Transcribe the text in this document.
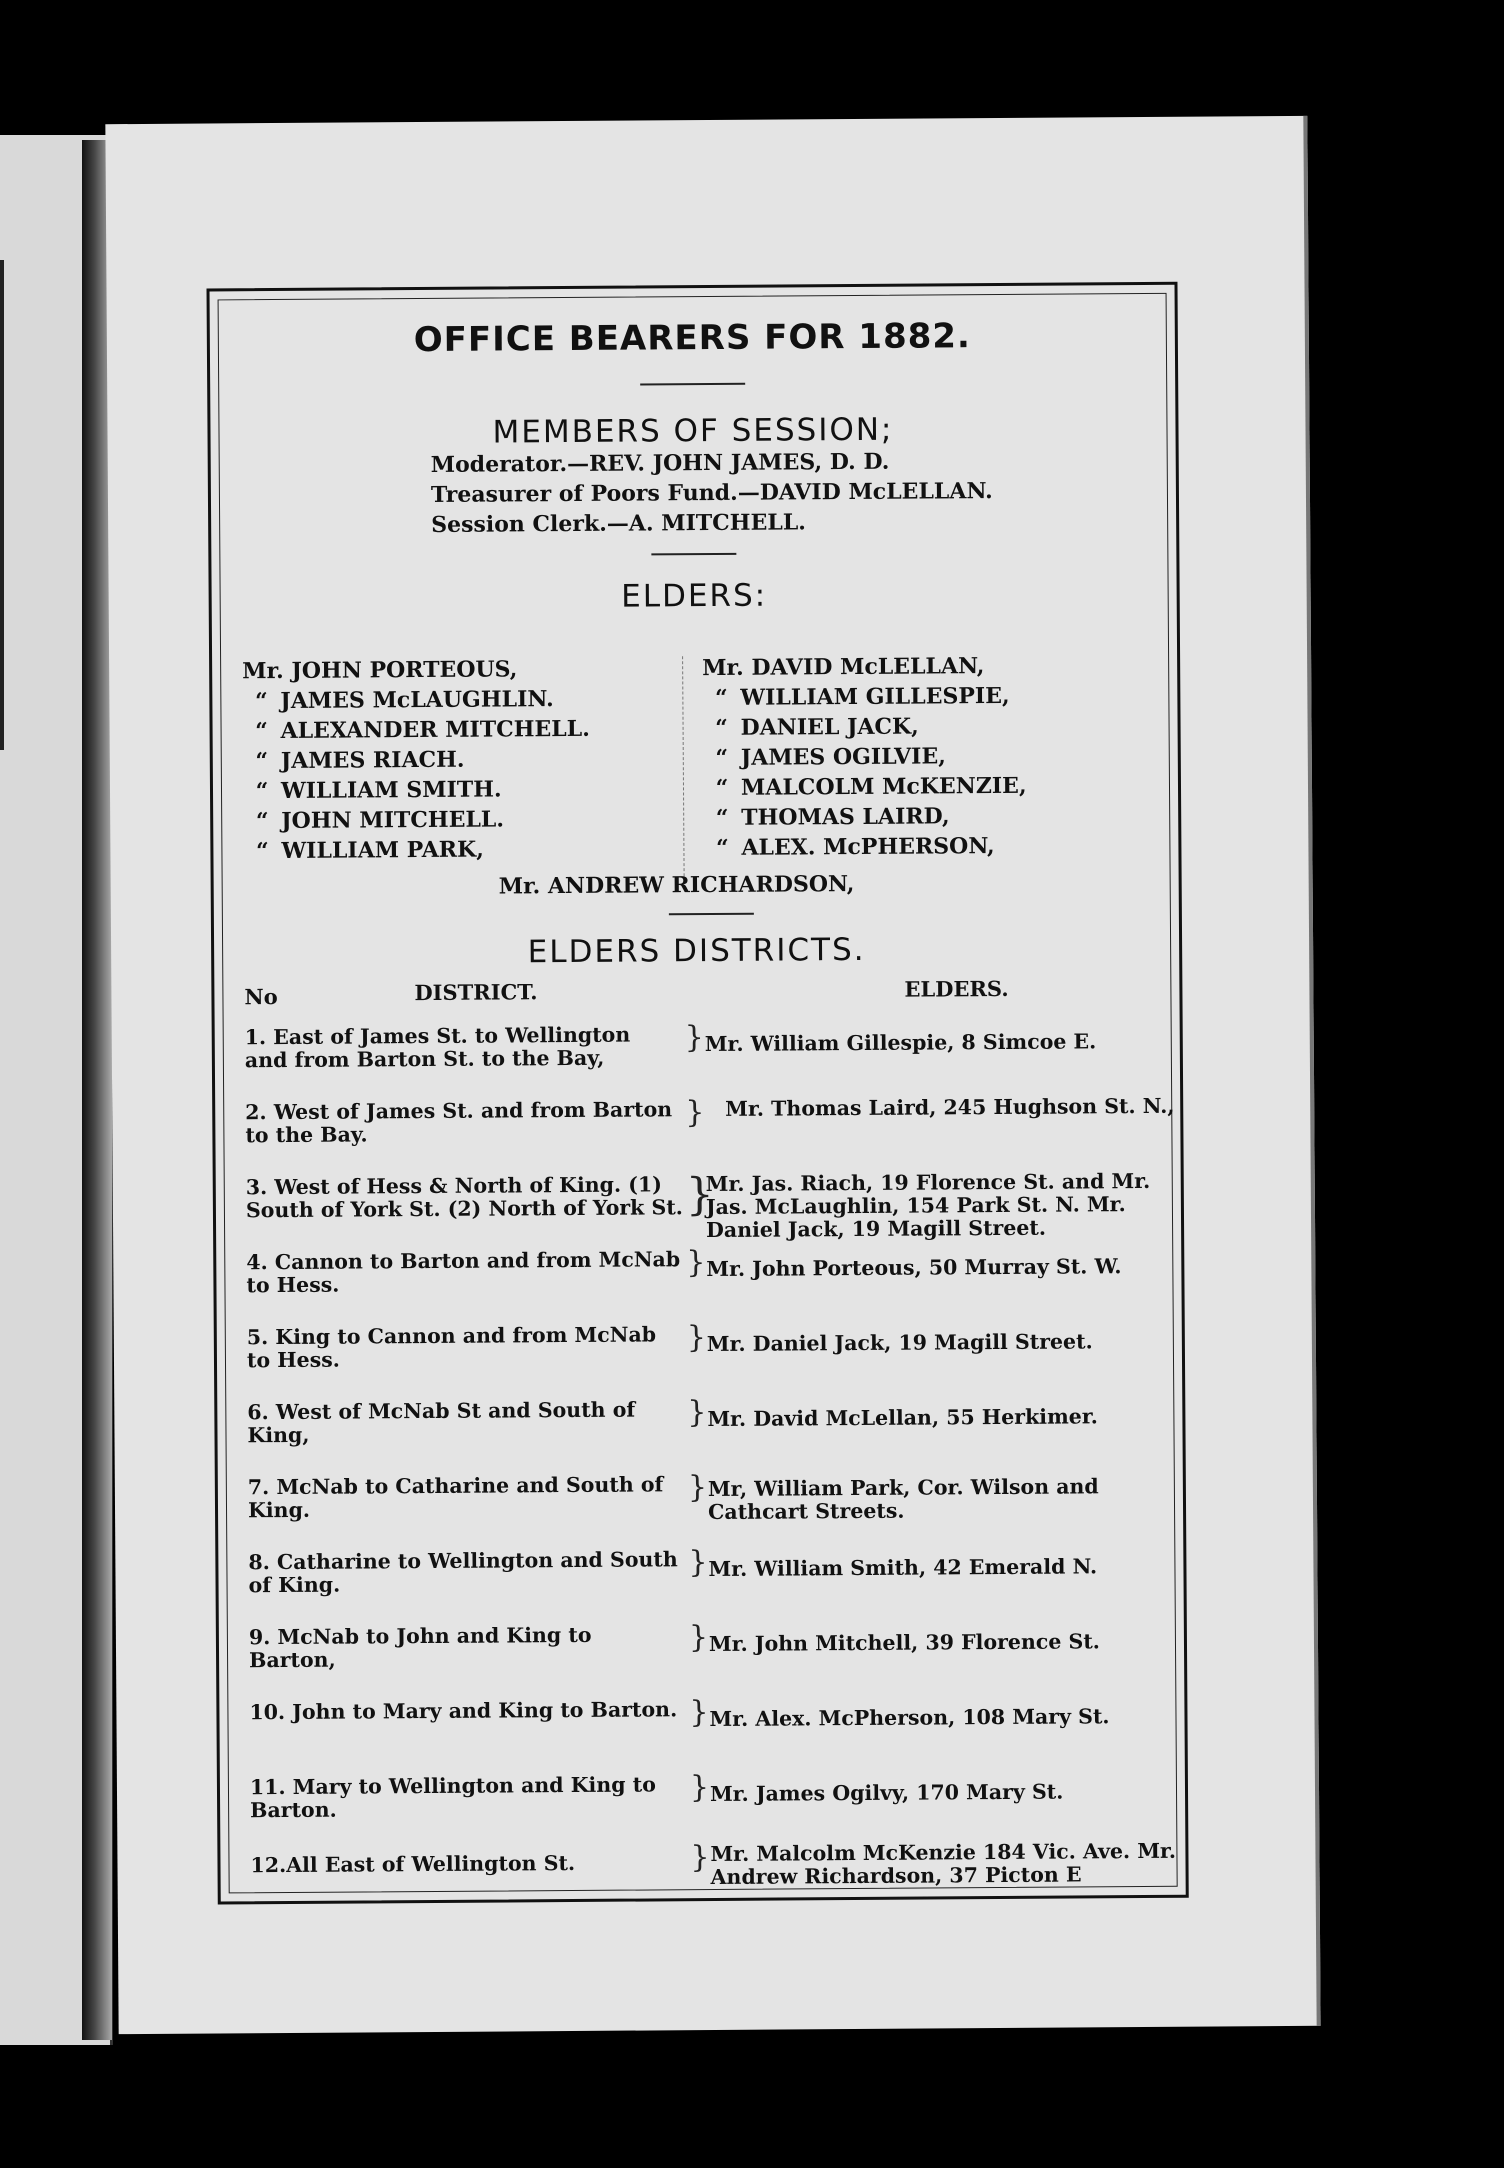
OFFICE BEARERS FOR 1882.
MEMBERS OF SESSION;
Moderator.—REV. JOHN JAMES, D. D.
Treasurer of Poors Fund.—DAVID McLELLAN.
Session Clerk.—A. MITCHELL.
ELDERS:
Mr. JOHN PORTEOUS,
“ JAMES McLAUGHLIN.
“ ALEXANDER MITCHELL.
“ JAMES RIACH.
“ WILLIAM SMITH.
“ JOHN MITCHELL.
“ WILLIAM PARK,
Mr. DAVID McLELLAN,
“ WILLIAM GILLESPIE,
“ DANIEL JACK,
“ JAMES OGILVIE,
“ MALCOLM McKENZIE,
“ THOMAS LAIRD,
“ ALEX. McPHERSON,
Mr. ANDREW RICHARDSON,
ELDERS DISTRICTS.
No	DISTRICT.	ELDERS.
1. East of James St. to Wellington and from Barton St. to the Bay,
} Mr. William Gillespie, 8 Simcoe E.
2. West of James St. and from Barton to the Bay.
} Mr. Thomas Laird, 245 Hughson St. N.,
3. West of Hess & North of King. (1) South of York St. (2) North of York St. }
Mr. Jas. Riach, 19 Florence St. and Mr. Jas. McLaughlin, 154 Park St. N. Mr. Daniel Jack, 19 Magill Street.
4. Cannon to Barton and from McNab to Hess.
} Mr. John Porteous, 50 Murray St. W.
5. King to Cannon and from McNab to Hess.
} Mr. Daniel Jack, 19 Magill Street.
6. West of McNab St and South of King,
} Mr. David McLellan, 55 Herkimer.
7. McNab to Catharine and South of King.
} Mr, William Park, Cor. Wilson and Cathcart Streets.
8. Catharine to Wellington and South of King.
} Mr. William Smith, 42 Emerald N.
9. McNab to John and King to Barton,
} Mr. John Mitchell, 39 Florence St.
10. John to Mary and King to Barton. } Mr. Alex. McPherson, 108 Mary St.
11. Mary to Wellington and King to Barton.
} Mr. James Ogilvy, 170 Mary St.
12.All East of Wellington St.	} Mr. Malcolm McKenzie 184 Vic. Ave. Mr. Andrew Richardson, 37 Picton E
